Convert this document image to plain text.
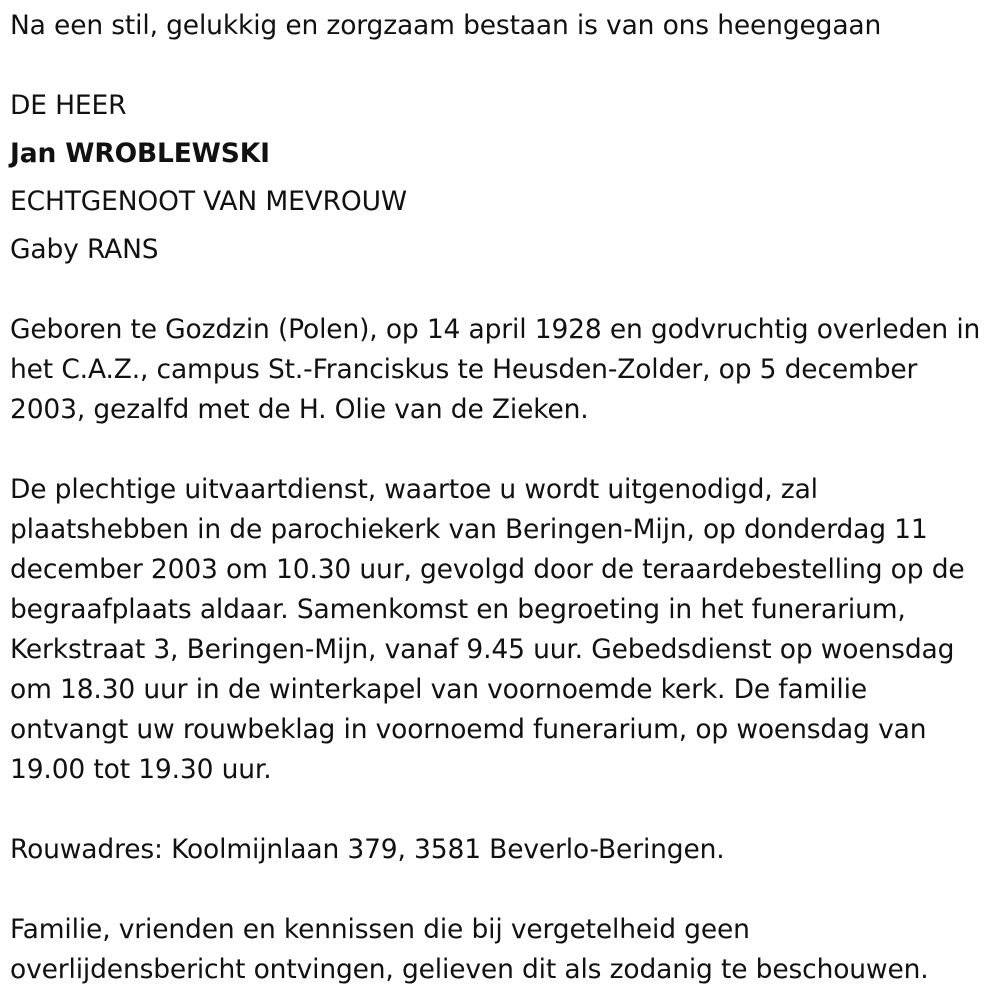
Na een stil, gelukkig en zorgzaam bestaan is van ons heengegaan
DE HEER
Jan WROBLEWSKI
ECHTGENOOT VAN MEVROUW
Gaby RANS
Geboren te Gozdzin (Polen), op 14 april 1928 en godvruchtig overleden in
het C.A.Z., campus St.-Franciskus te Heusden-Zolder, op 5 december
2003, gezalfd met de H. Olie van de Zieken.
De plechtige uitvaartdienst, waartoe u wordt uitgenodigd, zal
plaatshebben in de parochiekerk van Beringen-Mijn, op donderdag 11
december 2003 om 10.30 uur, gevolgd door de teraardebestelling op de
begraafplaats aldaar. Samenkomst en begroeting in het funerarium,
Kerkstraat 3, Beringen-Mijn, vanaf 9.45 uur. Gebedsdienst op woensdag
om 18.30 uur in de winterkapel van voornoemde kerk. De familie
ontvangt uw rouwbeklag in voornoemd funerarium, op woensdag van
19.00 tot 19.30 uur.
Rouwadres: Koolmijnlaan 379, 3581 Beverlo-Beringen.
Familie, vrienden en kennissen die bij vergetelheid geen
overlijdensbericht ontvingen, gelieven dit als zodanig te beschouwen.
